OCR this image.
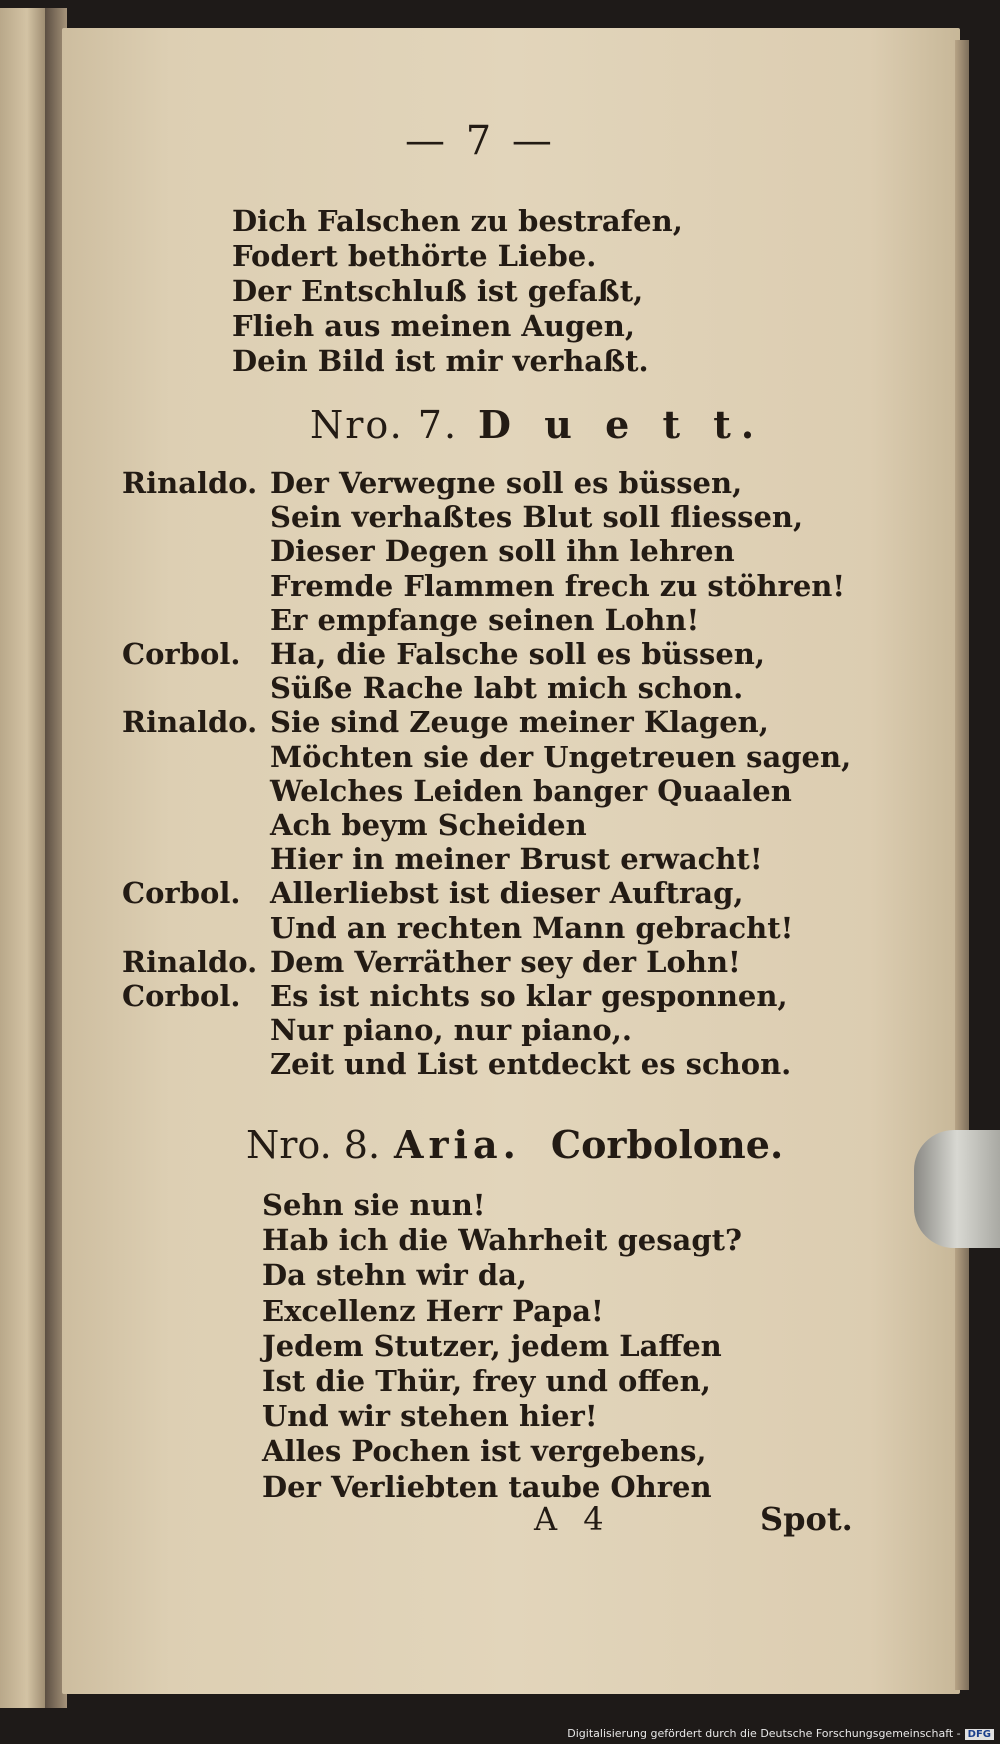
— 7 —
Dich Falschen zu bestrafen,
Fodert bethörte Liebe.
Der Entschluß ist gefaßt,
Flieh aus meinen Augen,
Dein Bild ist mir verhaßt.
Nro. 7. D u e t t.
Rinaldo. Der Verwegne soll es büssen,
Sein verhaßtes Blut soll fliessen,
Dieser Degen soll ihn lehren
Fremde Flammen frech zu stöhren!
Er empfange seinen Lohn!
Corbol.	Ha, die Falsche soll es büssen,
Süße Rache labt mich schon.
Rinaldo. Sie sind Zeuge meiner Klagen,
Möchten sie der Ungetreuen sagen,
Welches Leiden banger Quaalen
Ach beym Scheiden
Hier in meiner Brust erwacht!
Corbol.	Allerliebst ist dieser Auftrag,
Und an rechten Mann gebracht!
Rinaldo. Dem Verräther sey der Lohn!
Corbol.	Es ist nichts so klar gesponnen,
Nur piano, nur piano,.
Zeit und List entdeckt es schon.
Nro. 8. Aria. Corbolone.
Sehn sie nun!
Hab ich die Wahrheit gesagt?
Da stehn wir da,
Excellenz Herr Papa!
Jedem Stutzer, jedem Laffen
Ist die Thür, frey und offen,
Und wir stehen hier!
Alles Pochen ist vergebens,
Der Verliebten taube Ohren
A 4	Spot.
Digitalisierung gefördert durch die Deutsche Forschungsgemeinschaft - DFG
